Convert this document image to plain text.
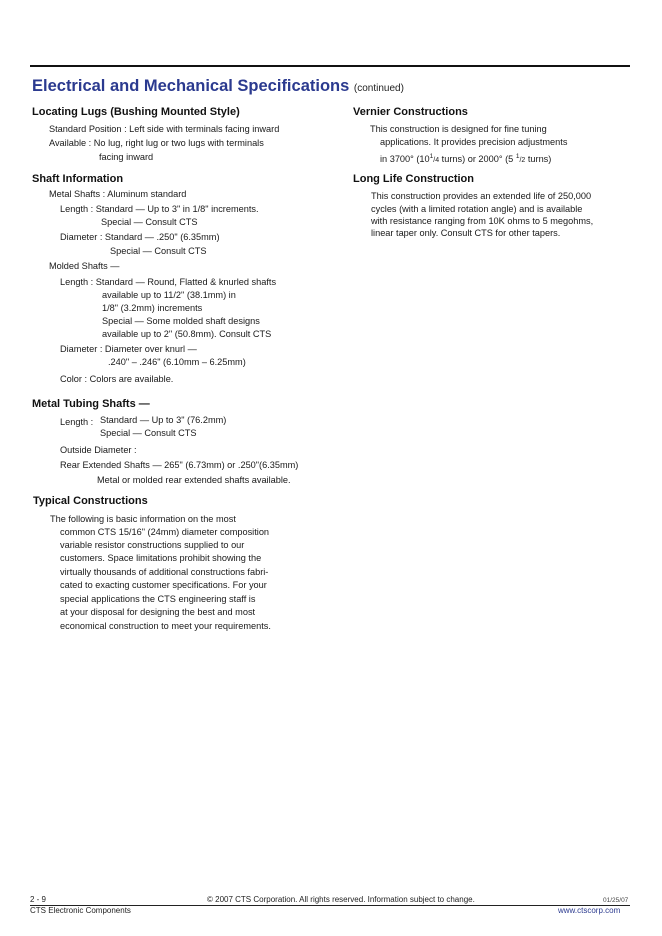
Electrical and Mechanical Specifications (continued)
Locating Lugs (Bushing Mounted Style)
Standard Position : Left side with terminals facing inward
Available : No lug, right lug or two lugs with terminals
facing inward
Shaft Information
Metal Shafts : Aluminum standard
Length : Standard — Up to 3" in 1/8" increments.
Special — Consult CTS
Diameter : Standard — .250" (6.35mm)
Special — Consult CTS
Molded Shafts —
Length : Standard — Round, Flatted & knurled shafts
available up to 11/2" (38.1mm) in
1/8" (3.2mm) increments
Special — Some molded shaft designs
available up to 2" (50.8mm). Consult CTS
Diameter : Diameter over knurl —
.240" – .246" (6.10mm – 6.25mm)
Color : Colors are available.
Metal Tubing Shafts —
Length : Standard — Up to 3" (76.2mm)
Special — Consult CTS
Outside Diameter :
Rear Extended Shafts — 265" (6.73mm) or .250"(6.35mm)
Metal or molded rear extended shafts available.
Typical Constructions
The following is basic information on the most
common CTS 15/16" (24mm) diameter composition
variable resistor constructions supplied to our
customers. Space limitations prohibit showing the
virtually thousands of additional constructions fabri-
cated to exacting customer specifications. For your
special applications the CTS engineering staff is
at your disposal for designing the best and most
economical construction to meet your requirements.
Vernier Constructions
This construction is designed for fine tuning
applications. It provides precision adjustments
in 3700° ($10^1/4$ turns) or 2000° (5 $^1$/2 turns)
Long Life Construction
This construction provides an extended life of 250,000
cycles (with a limited rotation angle) and is available
with resistance ranging from 10K ohms to 5 megohms,
linear taper only. Consult CTS for other tapers.
2 - 9	© 2007 CTS Corporation. All rights reserved. Information subject to change.	01/25/07
CTS Electronic Components	www.ctscorp.com
